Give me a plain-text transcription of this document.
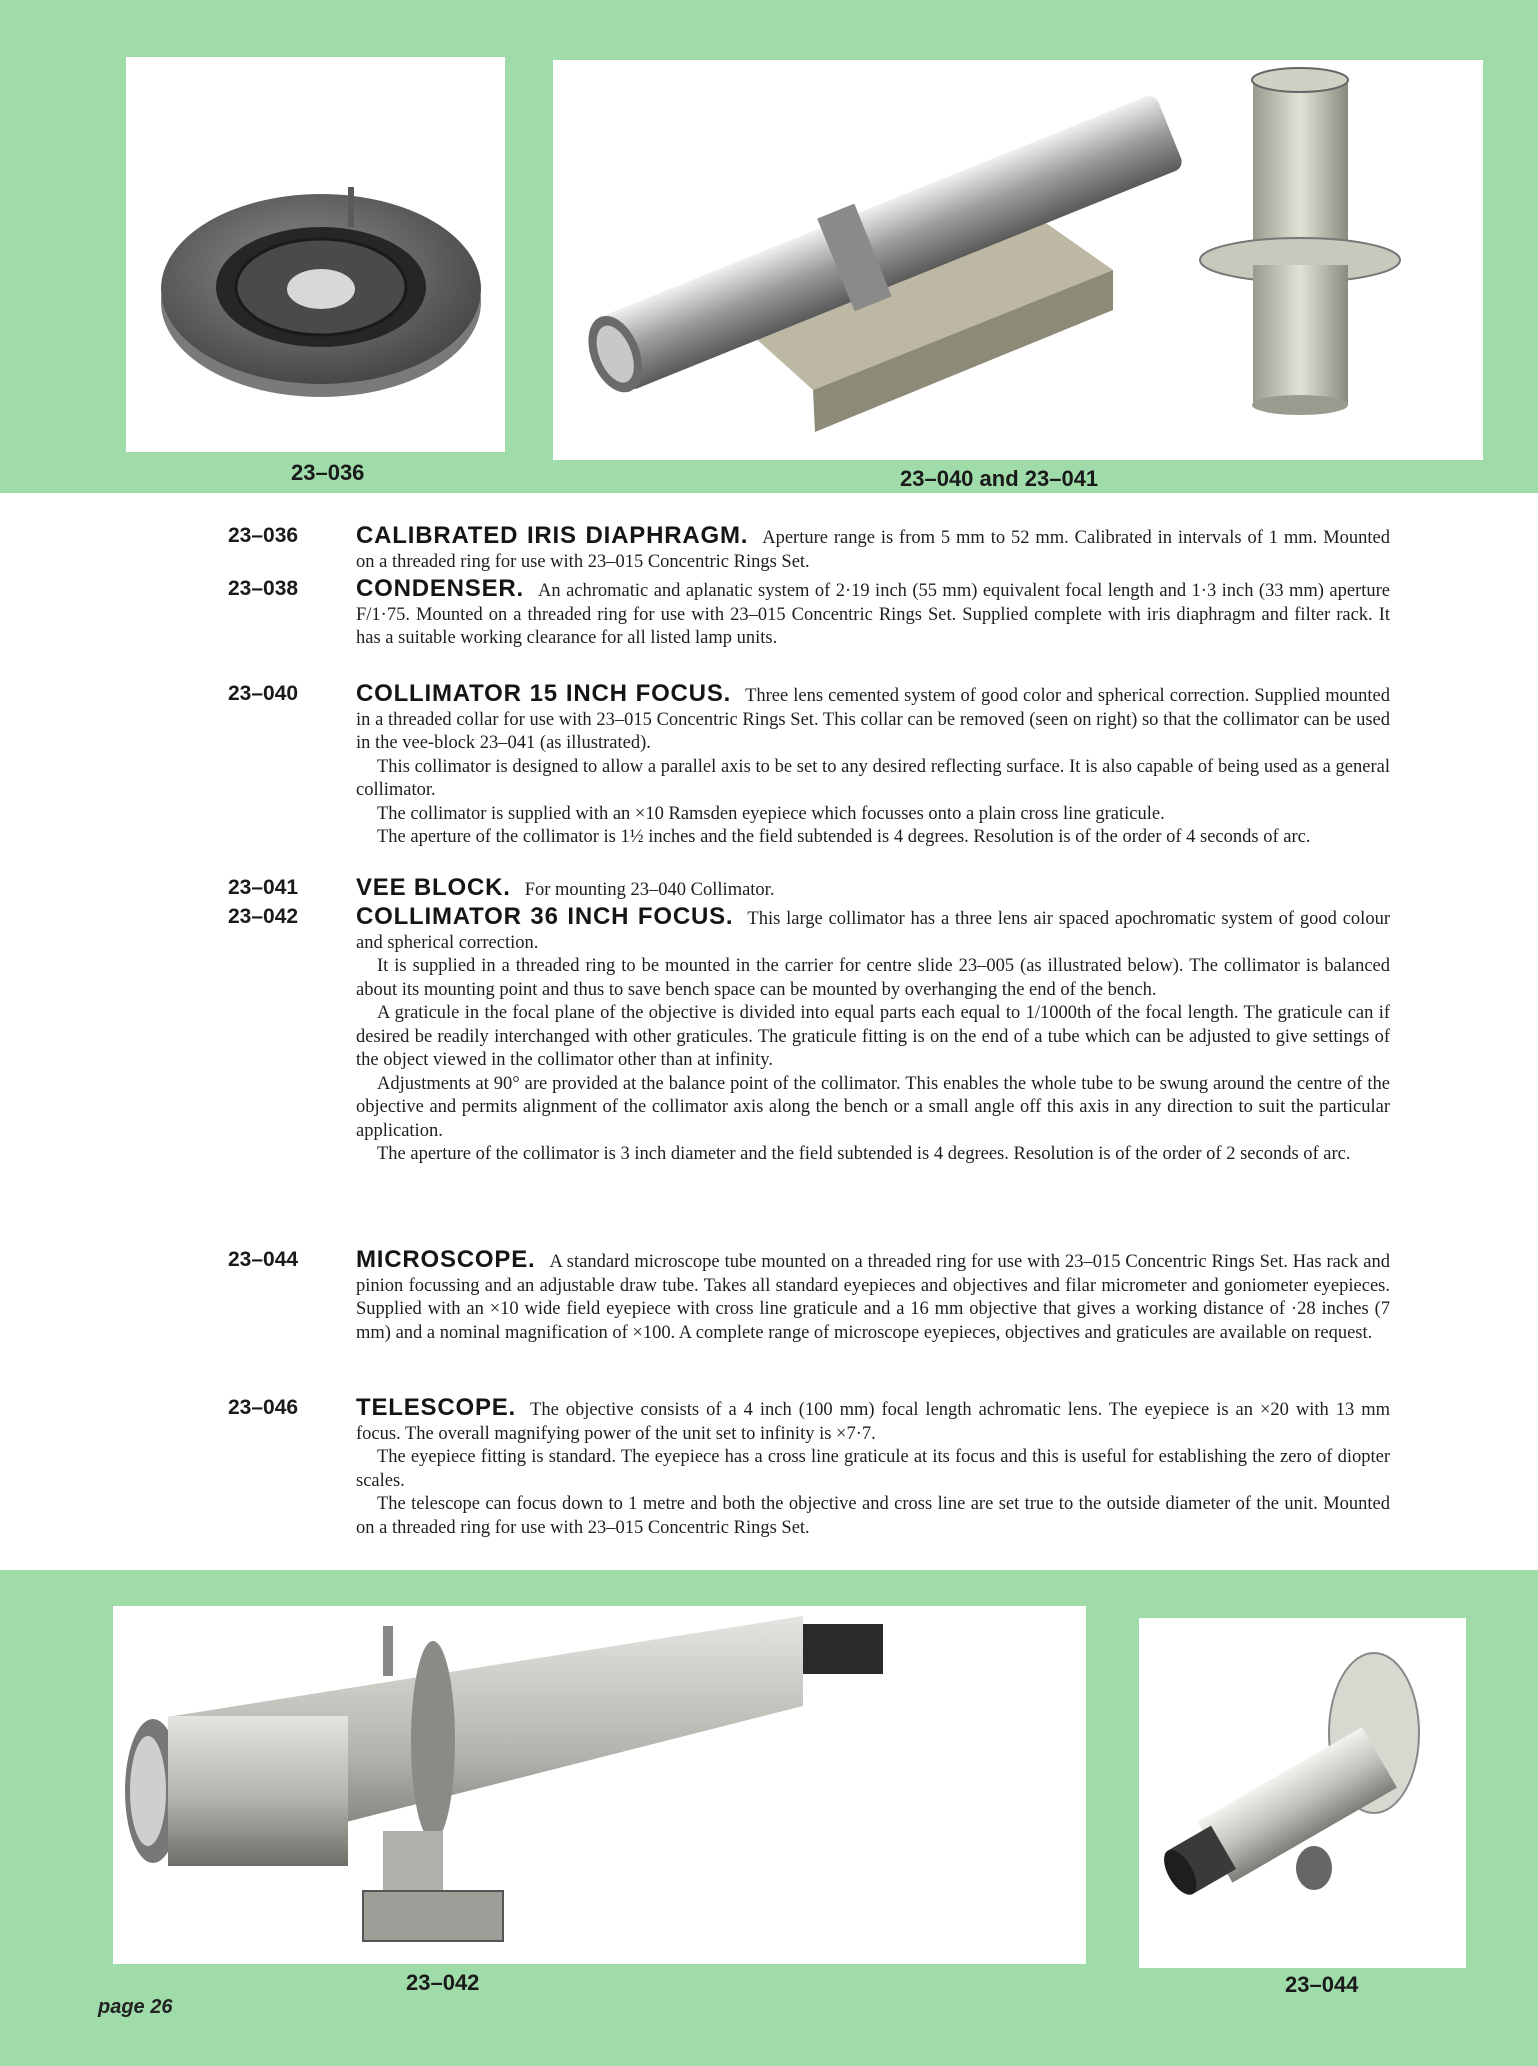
23–036	23–040 and 23–041
23–036 CALIBRATED IRIS DIAPHRAGM. Aperture range is from 5 mm to 52 mm. Calibrated in intervals of 1 mm. Mounted on a threaded ring for use with 23–015 Concentric Rings Set.

23–038 CONDENSER. An achromatic and aplanatic system of 2·19 inch (55 mm) equivalent focal length and 1·3 inch (33 mm) aperture F/1·75. Mounted on a threaded ring for use with 23–015 Concentric Rings Set. Supplied complete with iris diaphragm and filter rack. It has a suitable working clearance for all listed lamp units.

23–040 COLLIMATOR 15 INCH FOCUS. Three lens cemented system of good color and spherical correction. Supplied mounted in a threaded collar for use with 23–015 Concentric Rings Set. This collar can be removed (seen on right) so that the collimator can be used in the vee-block 23–041 (as illustrated).

This collimator is designed to allow a parallel axis to be set to any desired reflecting surface. It is also capable of being used as a general collimator.

The collimator is supplied with an ×10 Ramsden eyepiece which focusses onto a plain cross line graticule.

The aperture of the collimator is 1½ inches and the field subtended is 4 degrees. Resolution is of the order of 4 seconds of arc.

23–041 VEE BLOCK. For mounting 23–040 Collimator.

23–042 COLLIMATOR 36 INCH FOCUS. This large collimator has a three lens air spaced apochromatic system of good colour and spherical correction.

It is supplied in a threaded ring to be mounted in the carrier for centre slide 23–005 (as illustrated below). The collimator is balanced about its mounting point and thus to save bench space can be mounted by overhanging the end of the bench.

A graticule in the focal plane of the objective is divided into equal parts each equal to 1/1000th of the focal length. The graticule can if desired be readily interchanged with other graticules. The graticule fitting is on the end of a tube which can be adjusted to give settings of the object viewed in the collimator other than at infinity.

Adjustments at 90° are provided at the balance point of the collimator. This enables the whole tube to be swung around the centre of the objective and permits alignment of the collimator axis along the bench or a small angle off this axis in any direction to suit the particular application.

The aperture of the collimator is 3 inch diameter and the field subtended is 4 degrees. Resolution is of the order of 2 seconds of arc.

23–044 MICROSCOPE. A standard microscope tube mounted on a threaded ring for use with 23–015 Concentric Rings Set. Has rack and pinion focussing and an adjustable draw tube. Takes all standard eyepieces and objectives and filar micrometer and goniometer eyepieces. Supplied with an ×10 wide field eyepiece with cross line graticule and a 16 mm objective that gives a working distance of ·28 inches (7 mm) and a nominal magnification of ×100. A complete range of microscope eyepieces, objectives and graticules are available on request.

23–046 TELESCOPE. The objective consists of a 4 inch (100 mm) focal length achromatic lens. The eyepiece is an ×20 with 13 mm focus. The overall magnifying power of the unit set to infinity is ×7·7.

The eyepiece fitting is standard. The eyepiece has a cross line graticule at its focus and this is useful for establishing the zero of diopter scales.

The telescope can focus down to 1 metre and both the objective and cross line are set true to the outside diameter of the unit. Mounted on a threaded ring for use with 23–015 Concentric Rings Set.

23–042	23–044
page 26
